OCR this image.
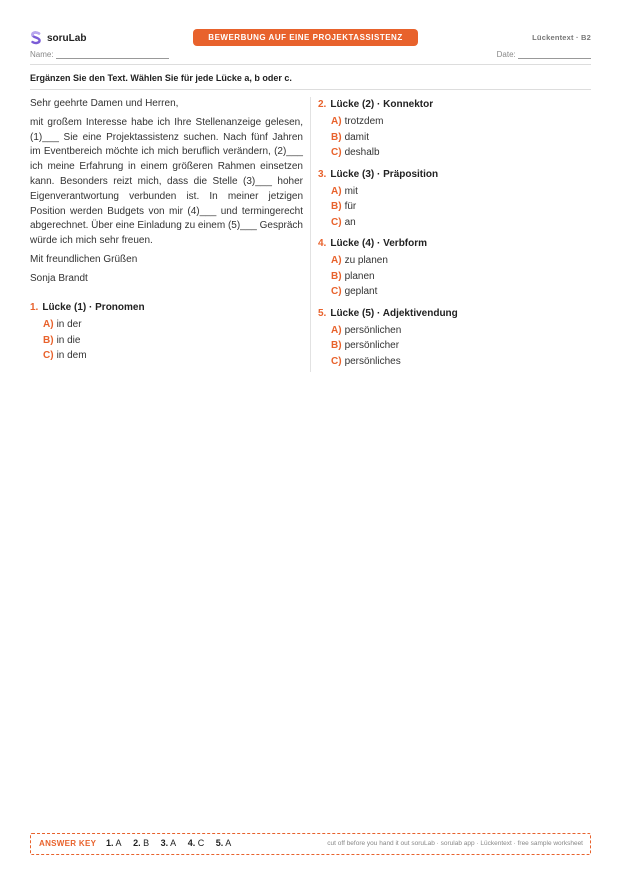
soruLab	BEWERBUNG AUF EINE PROJEKTASSISTENZ	Lückentext · B2
Name:	Date:
Ergänzen Sie den Text. Wählen Sie für jede Lücke a, b oder c.

Sehr geehrte Damen und Herren,

mit großem Interesse habe ich Ihre Stellenanzeige gelesen, (1)___ Sie eine Projektassistenz suchen. Nach fünf Jahren im Eventbereich möchte ich mich beruflich verändern, (2)___ ich meine Erfahrung in einem größeren Rahmen einsetzen kann. Besonders reizt mich, dass die Stelle (3)___ hoher Eigenverantwortung verbunden ist. In meiner jetzigen Position werden Budgets von mir (4)___ und termingerecht abgerechnet. Über eine Einladung zu einem (5)___ Gespräch würde ich mich sehr freuen.

Mit freundlichen Grüßen

Sonja Brandt

1. Lücke (1) · Pronomen
A) in der
B) in die
C) in dem
2. Lücke (2) · Konnektor
A) trotzdem
B) damit
C) deshalb
3. Lücke (3) · Präposition
A) mit
B) für
C) an
4. Lücke (4) · Verbform
A) zu planen
B) planen
C) geplant
5. Lücke (5) · Adjektivendung
A) persönlichen
B) persönlicher
C) persönliches
ANSWER KEY 1. A 2. B 3. A 4. C 5. A	cut off before you hand it out soruLab · sorulab app · Lückentext · free sample worksheet
